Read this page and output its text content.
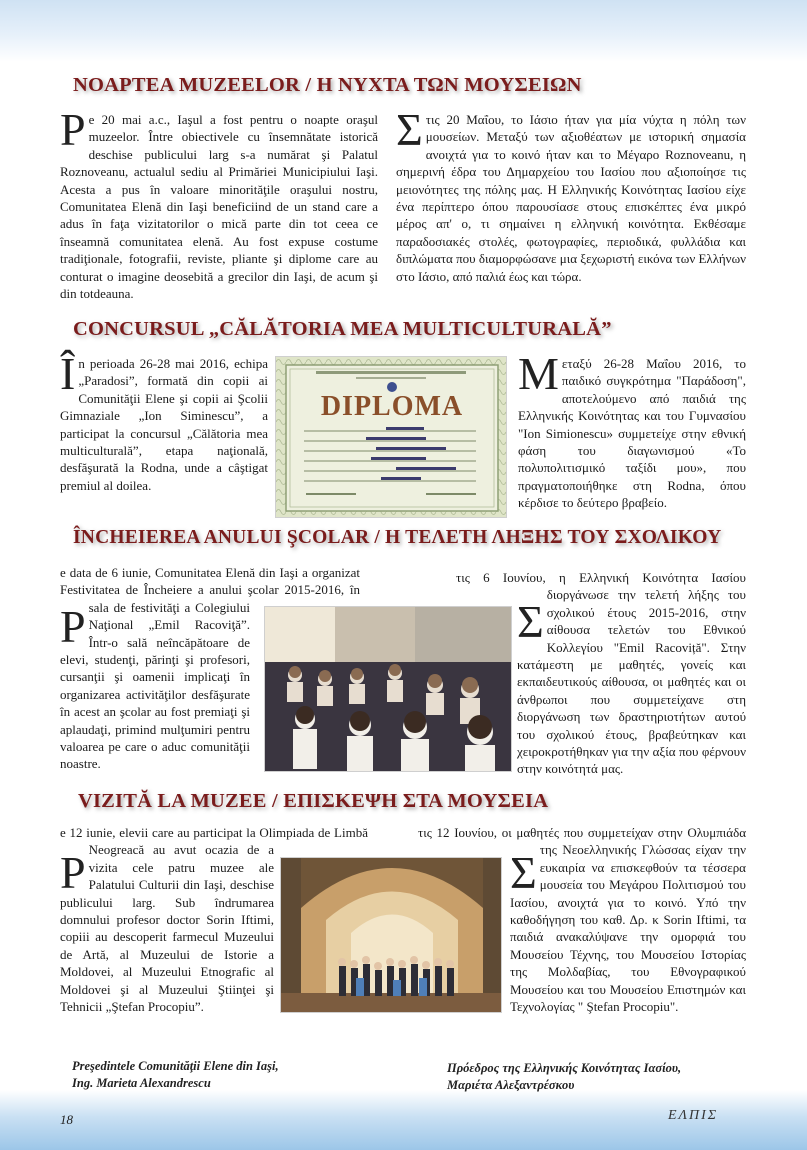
NOAPTEA MUZEELOR / Η ΝΥΧΤΑ ΤΩΝ ΜΟΥΣΕΙΩΝ
Pe 20 mai a.c., Iaşul a fost pentru o noapte oraşul muzeelor. Între obiectivele cu însemnătate istorică deschise publicului larg s-a numărat şi Palatul Roznoveanu, actualul sediu al Primăriei Municipiului Iaşi. Acesta a pus în valoare minorităţile oraşului nostru, Comunitatea Elenă din Iaşi beneficiind de un stand care a adus în faţa vizitatorilor o mică parte din tot ceea ce înseamnă comunitatea elenă. Au fost expuse costume tradiţionale, fotografii, reviste, pliante şi diplome care au conturat o imagine deosebită a grecilor din Iaşi, de acum şi din totdeauna.
Στις 20 Μαΐου, το Ιάσιο ήταν για μία νύχτα η πόλη των μουσείων. Μεταξύ των αξιοθέατων με ιστορική σημασία ανοιχτά για το κοινό ήταν και το Μέγαρο Roznoveanu, η σημερινή έδρα του Δημαρχείου του Ιασίου που αξιοποίησε τις μειονότητες της πόλης μας. Η Ελληνικής Κοινότητας Ιασίου είχε ένα περίπτερο όπου παρουσίασε στους επισκέπτες ένα μικρό μέρος απ' ο, τι σημαίνει η ελληνική κοινότητα. Εκθέσαμε παραδοσιακές στολές, φωτογραφίες, περιοδικά, φυλλάδια και διπλώματα που διαμορφώσανε μια ξεχωριστή εικόνα των Ελλήνων στο Ιάσιο, από παλιά έως και τώρα.
CONCURSUL „CĂLĂTORIA MEA MULTICULTURALĂ”
În perioada 26-28 mai 2016, echipa „Paradosi”, formată din copii ai Comunităţii Elene şi copii ai Şcolii Gimnaziale „Ion Siminescu”, a participat la concursul „Călătoria mea multiculturală”, etapa naţională, desfăşurată la Rodna, unde a câştigat premiul al doilea.
DIPLOMA
Μεταξύ 26-28 Μαΐου 2016, το παιδικό συγκρότημα "Παράδοση", αποτελούμενο από παιδιά της Ελληνικής Κοινότητας και του Γυμνασίου "Ion Simionescu» συμμετείχε στην εθνική φάση του διαγωνισμού «Το πολυπολιτισμικό ταξίδι μου», που πραγματοποιήθηκε στη Rodna, όπου κέρδισε το δεύτερο βραβείο.
ÎNCHEIEREA ANULUI ŞCOLAR / Η ΤΕΛΕΤΗ ΛΗΞΗΣ ΤΟΥ ΣΧΟΛΙΚΟΥ
P
e data de 6 iunie, Comunitatea Elenă din Iaşi a organizat Festivitatea de Încheiere a anului şcolar 2015-2016, în sala de festivităţi a Colegiului Naţional „Emil Racoviţă”. Într-o sală neîncăpătoare de elevi, studenţi, părinţi şi profesori, cursanţii şi oamenii implicaţi în organizarea activităţilor desfăşurate în acest an şcolar au fost premiaţi şi aplaudaţi, primind mulţumiri pentru valoarea pe care o aduc comunităţii noastre.
Σ
τις 6 Ιουνίου, η Ελληνική Κοινότητα Ιασίου διοργάνωσε την τελετή λήξης του σχολικού έτους 2015-2016, στην αίθουσα τελετών του Εθνικού Κολλεγίου "Emil Racoviță". Στην κατάμεστη με μαθητές, γονείς και εκπαιδευτικούς αίθουσα, οι μαθητές και οι άνθρωποι που συμμετείχανε στη διοργάνωση των δραστηριοτήτων αυτού του σχολικού έτους, βραβεύτηκαν και χειροκροτήθηκαν για την αξία που φέρνουν στην κοινότητά μας.
VIZITĂ LA MUZEE / ΕΠΙΣΚΕΨΗ ΣΤΑ ΜΟΥΣΕΙΑ
P
e 12 iunie, elevii care au participat la Olimpiada de Limbă Neogreacă au avut ocazia de a vizita cele patru muzee ale Palatului Culturii din Iaşi, deschise publicului larg. Sub îndrumarea domnului profesor doctor Sorin Iftimi, copiii au descoperit farmecul Muzeului de Artă, al Muzeului de Istorie a Moldovei, al Muzeului Etnografic al Moldovei şi al Muzeului Ştiinţei şi Tehnicii „Ştefan Procopiu”.
Σ
τις 12 Ιουνίου, οι μαθητές που συμμετείχαν στην Ολυμπιάδα της Νεοελληνικής Γλώσσας είχαν την ευκαιρία να επισκεφθούν τα τέσσερα μουσεία του Μεγάρου Πολιτισμού του Ιασίου, ανοιχτά για το κοινό. Υπό την καθοδήγηση του καθ. Δρ. κ Sorin Iftimi, τα παιδιά ανακαλύψανε την ομορφιά του Μουσείου Τέχνης, του Μουσείου Ιστορίας της Μολδαβίας, του Εθνογραφικού Μουσείου και του Μουσείου Επιστημών και Τεχνολογίας " Ştefan Procopiu".
Preşedintele Comunităţii Elene din Iaşi,
Ing. Marieta Alexandrescu
Πρόεδρος της Ελληνικής Κοινότητας Ιασίου,
Μαριέτα Αλεξαντρέσκου
18	ΕΛΠΙΣ
